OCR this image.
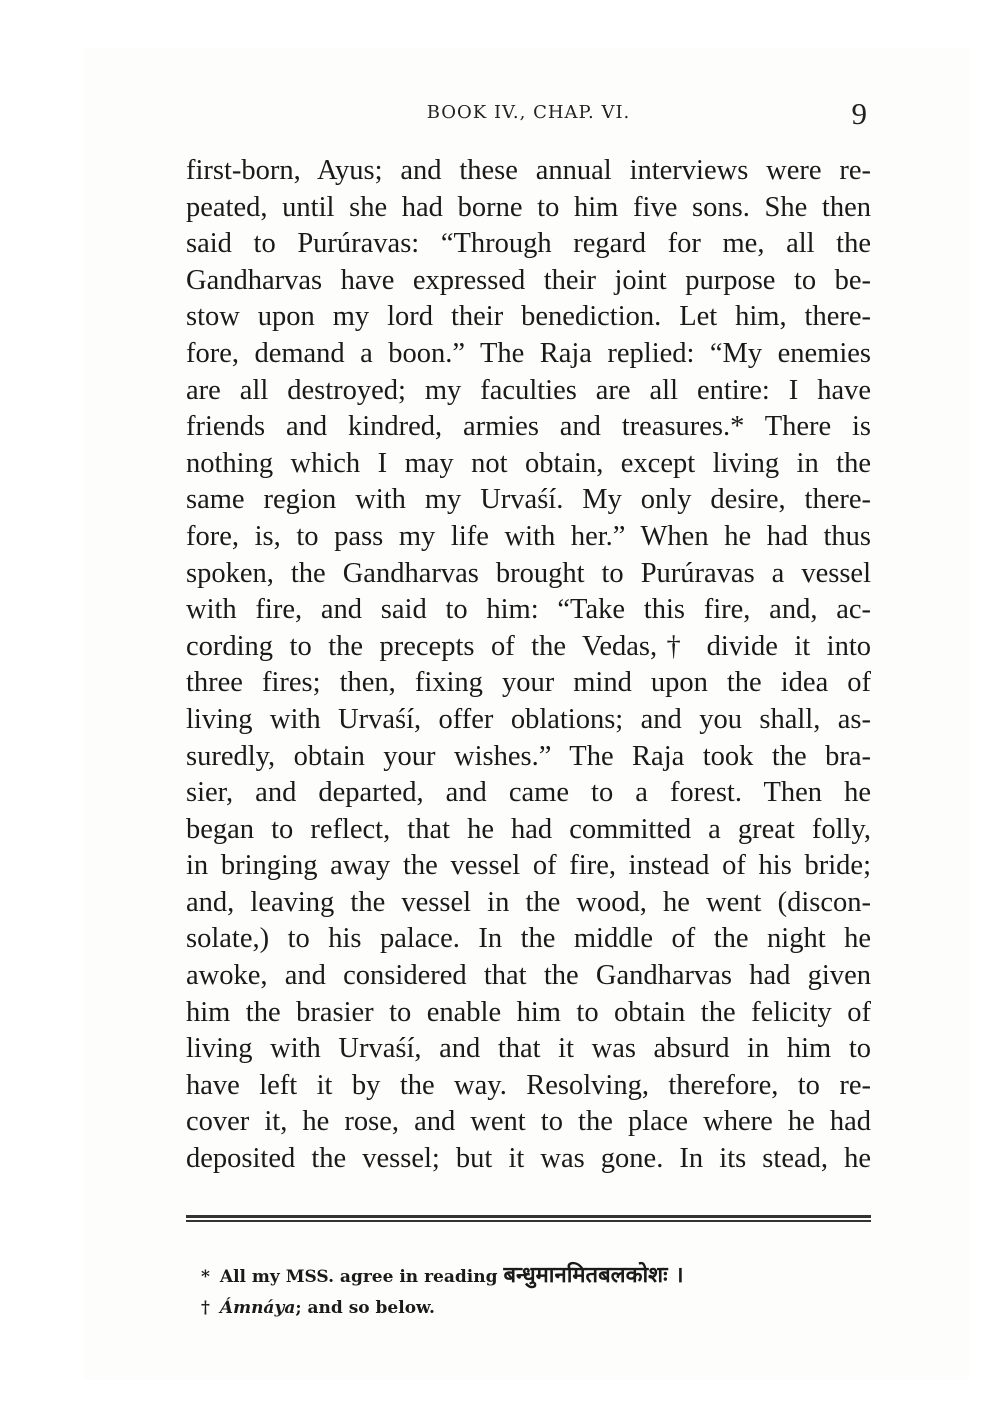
BOOK IV., CHAP. VI.	9
first-born, Ayus; and these annual interviews were re-
peated, until she had borne to him five sons. She then
said to Purúravas: “Through regard for me, all the
Gandharvas have expressed their joint purpose to be-
stow upon my lord their benediction. Let him, there-
fore, demand a boon.” The Raja replied: “My enemies
are all destroyed; my faculties are all entire: I have
friends and kindred, armies and treasures.* There is
nothing which I may not obtain, except living in the
same region with my Urvaśí. My only desire, there-
fore, is, to pass my life with her.” When he had thus
spoken, the Gandharvas brought to Purúravas a vessel
with fire, and said to him: “Take this fire, and, ac-
cording to the precepts of the Vedas,† divide it into
three fires; then, fixing your mind upon the idea of
living with Urvaśí, offer oblations; and you shall, as-
suredly, obtain your wishes.” The Raja took the bra-
sier, and departed, and came to a forest. Then he
began to reflect, that he had committed a great folly,
in bringing away the vessel of fire, instead of his bride;
and, leaving the vessel in the wood, he went (discon-
solate,) to his palace. In the middle of the night he
awoke, and considered that the Gandharvas had given
him the brasier to enable him to obtain the felicity of
living with Urvaśí, and that it was absurd in him to
have left it by the way. Resolving, therefore, to re-
cover it, he rose, and went to the place where he had
deposited the vessel; but it was gone. In its stead, he
* All my MSS. agree in reading बन्धुमानमितबलकोशः ।
† Ámnáya; and so below.
